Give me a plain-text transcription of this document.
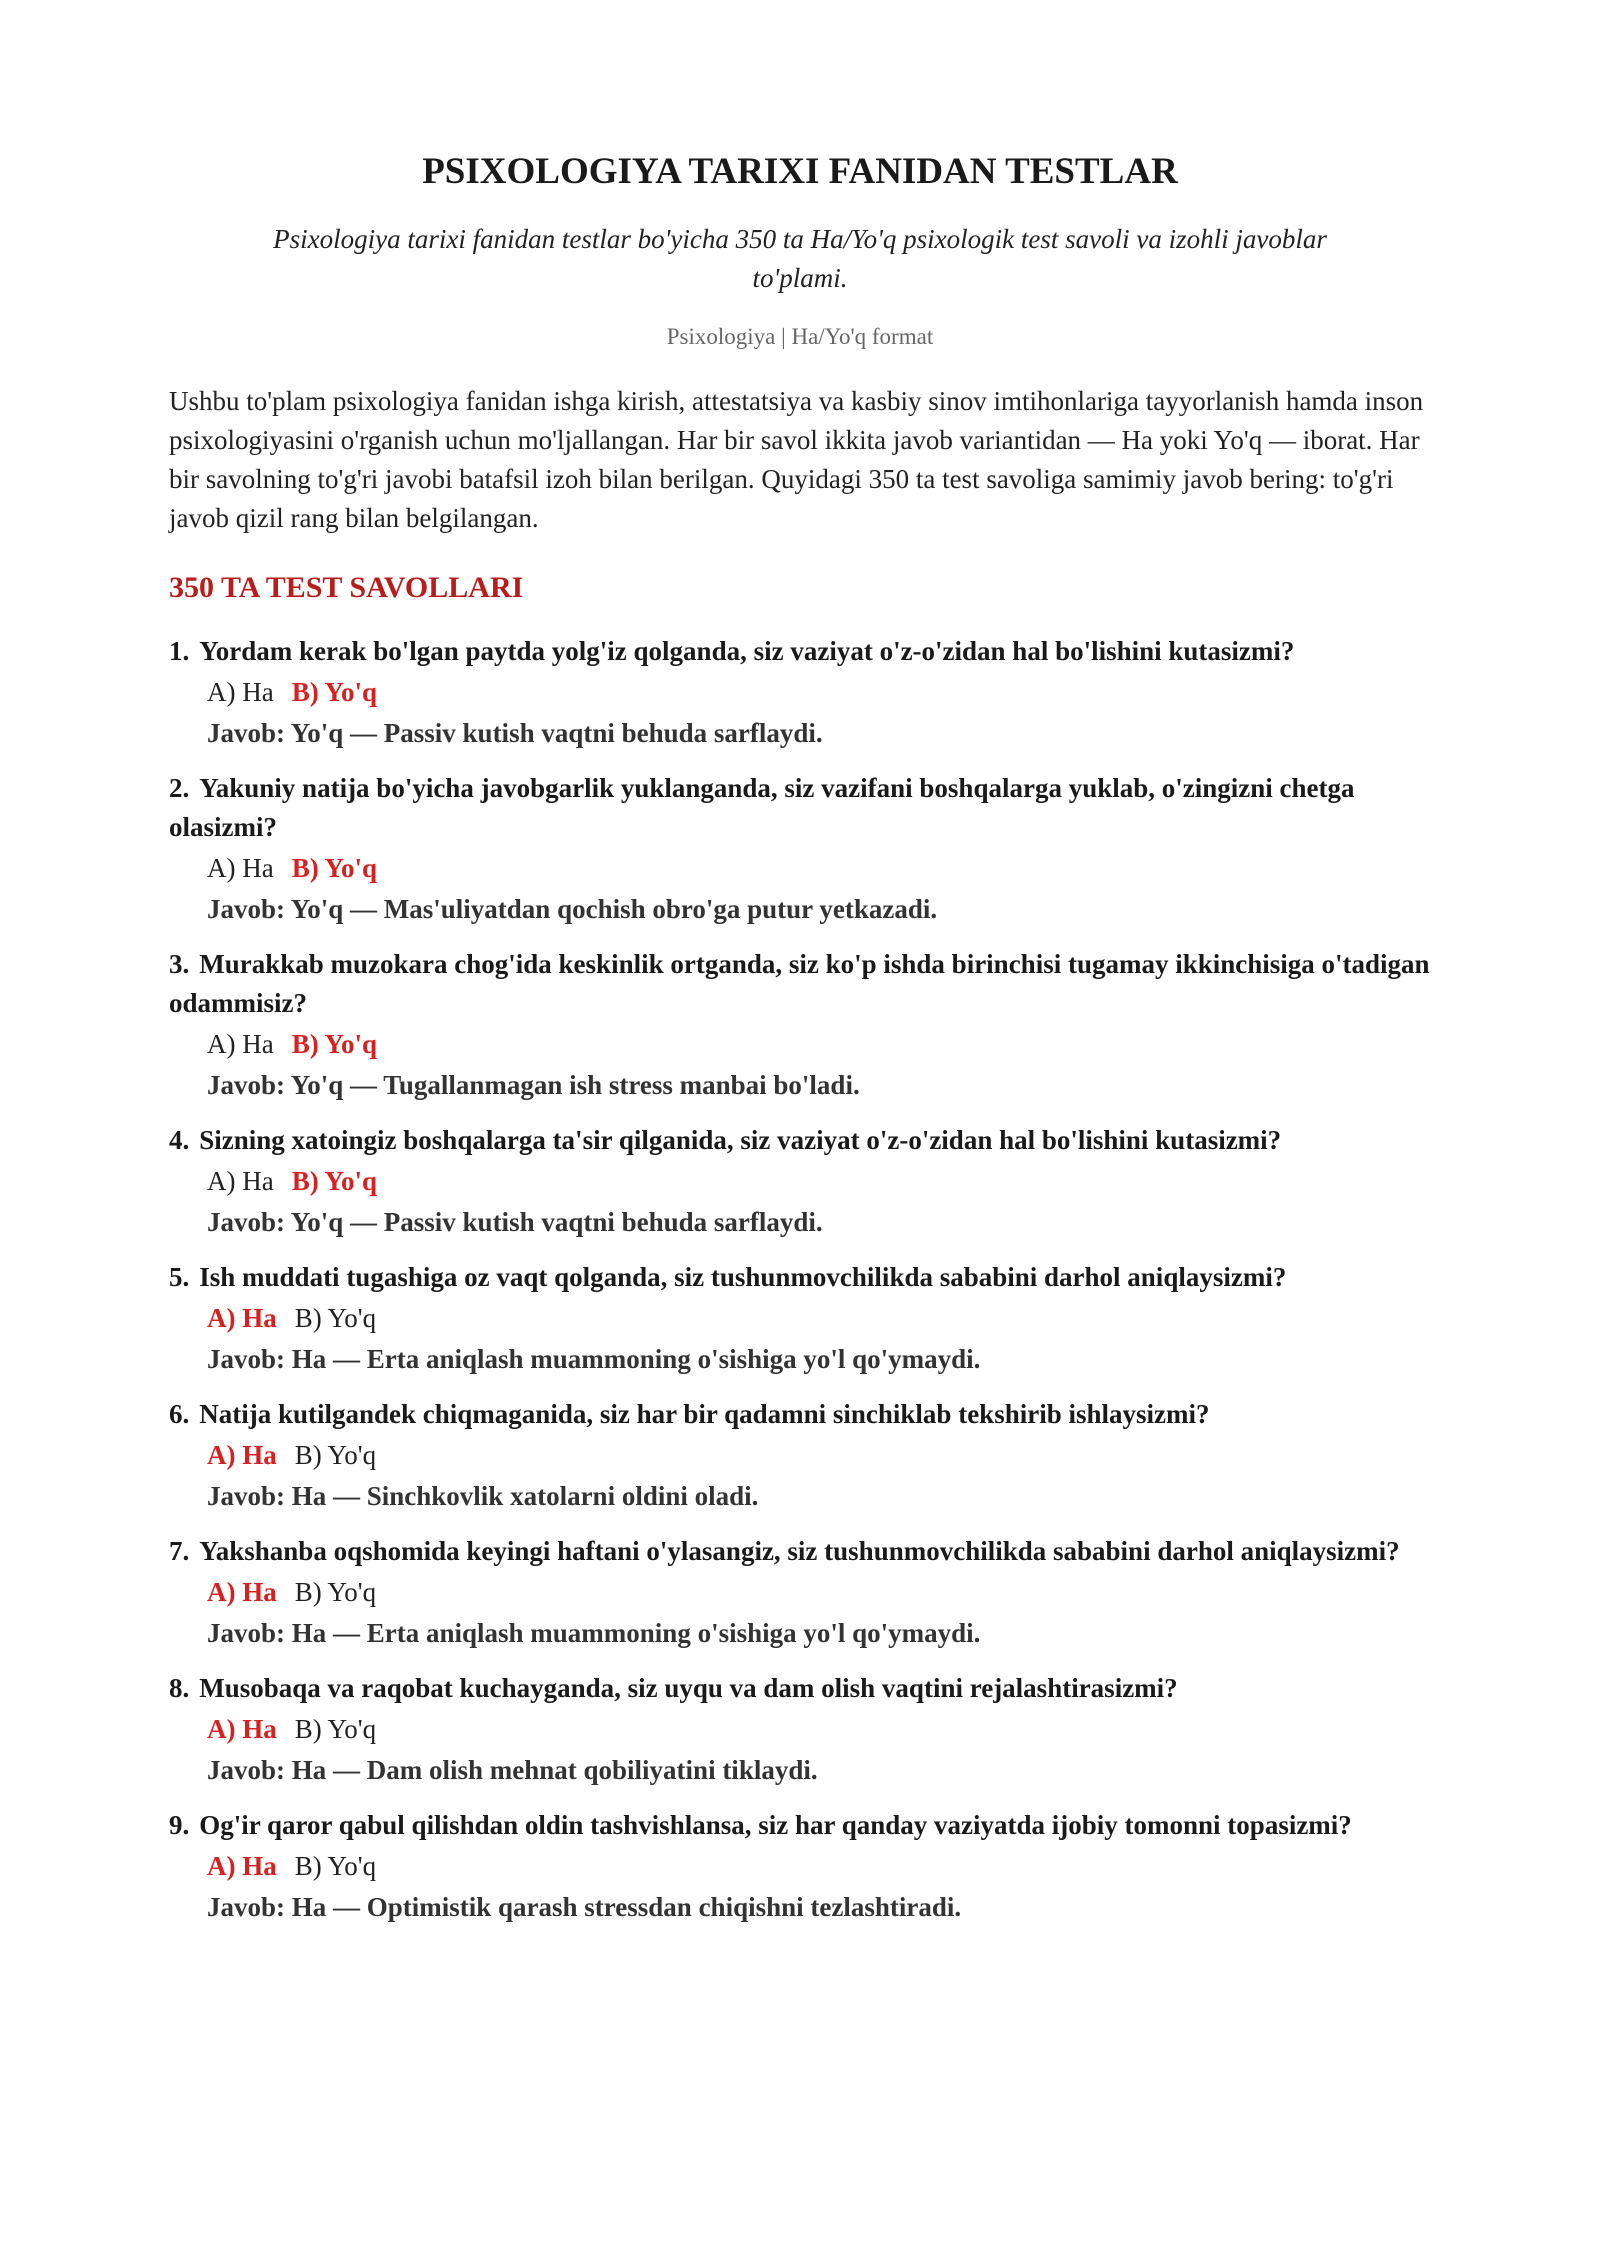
PSIXOLOGIYA TARIXI FANIDAN TESTLAR
Psixologiya tarixi fanidan testlar bo'yicha 350 ta Ha/Yo'q psixologik test savoli va izohli javoblar to'plami.
Psixologiya | Ha/Yo'q format
Ushbu to'plam psixologiya fanidan ishga kirish, attestatsiya va kasbiy sinov imtihonlariga tayyorlanish hamda inson psixologiyasini o'rganish uchun mo'ljallangan. Har bir savol ikkita javob variantidan — Ha yoki Yo'q — iborat. Har bir savolning to'g'ri javobi batafsil izoh bilan berilgan. Quyidagi 350 ta test savoliga samimiy javob bering: to'g'ri javob qizil rang bilan belgilangan.
350 TA TEST SAVOLLARI
1. Yordam kerak bo'lgan paytda yolg'iz qolganda, siz vaziyat o'z-o'zidan hal bo'lishini kutasizmi?
A) Ha B) Yo'q
Javob: Yo'q — Passiv kutish vaqtni behuda sarflaydi.
2. Yakuniy natija bo'yicha javobgarlik yuklanganda, siz vazifani boshqalarga yuklab, o'zingizni chetga olasizmi?
A) Ha B) Yo'q
Javob: Yo'q — Mas'uliyatdan qochish obro'ga putur yetkazadi.
3. Murakkab muzokara chog'ida keskinlik ortganda, siz ko'p ishda birinchisi tugamay ikkinchisiga o'tadigan odammisiz?
A) Ha B) Yo'q
Javob: Yo'q — Tugallanmagan ish stress manbai bo'ladi.
4. Sizning xatoingiz boshqalarga ta'sir qilganida, siz vaziyat o'z-o'zidan hal bo'lishini kutasizmi?
A) Ha B) Yo'q
Javob: Yo'q — Passiv kutish vaqtni behuda sarflaydi.
5. Ish muddati tugashiga oz vaqt qolganda, siz tushunmovchilikda sababini darhol aniqlaysizmi?
A) Ha B) Yo'q
Javob: Ha — Erta aniqlash muammoning o'sishiga yo'l qo'ymaydi.
6. Natija kutilgandek chiqmaganida, siz har bir qadamni sinchiklab tekshirib ishlaysizmi?
A) Ha B) Yo'q
Javob: Ha — Sinchkovlik xatolarni oldini oladi.
7. Yakshanba oqshomida keyingi haftani o'ylasangiz, siz tushunmovchilikda sababini darhol aniqlaysizmi?
A) Ha B) Yo'q
Javob: Ha — Erta aniqlash muammoning o'sishiga yo'l qo'ymaydi.
8. Musobaqa va raqobat kuchayganda, siz uyqu va dam olish vaqtini rejalashtirasizmi?
A) Ha B) Yo'q
Javob: Ha — Dam olish mehnat qobiliyatini tiklaydi.
9. Og'ir qaror qabul qilishdan oldin tashvishlansa, siz har qanday vaziyatda ijobiy tomonni topasizmi?
A) Ha B) Yo'q
Javob: Ha — Optimistik qarash stressdan chiqishni tezlashtiradi.
